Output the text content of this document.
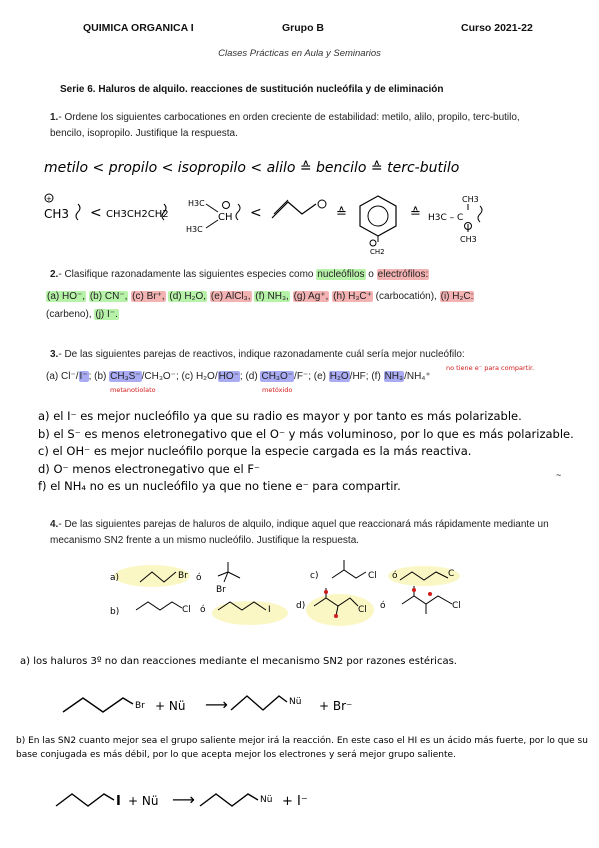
QUIMICA ORGANICA I	Grupo B	Curso 2021-22
Clases Prácticas en Aula y Seminarios
Serie 6. Haluros de alquilo. reacciones de sustitución nucleófila y de eliminación
1.- Ordene los siguientes carbocationes en orden creciente de estabilidad: metilo, alilo, propilo, terc-butilo, bencilo, isopropilo. Justifique la respuesta.
metilo < propilo < isopropilo < alilo ≙ bencilo ≙ terc-butilo
+
CH3 < CH3CH2CH2
H3C
H3C
CH <	≙
CH2
≙
CH3
H3C – C
CH3
2.- Clasifique razonadamente las siguientes especies como nucleófilos o electrófilos:
(a) HO⁻, (b) CN⁻, (c) Br⁺, (d) H₂O, (e) AlCl₃, (f) NH₃, (g) Ag⁺, (h) H₃C⁺ (carbocatión), (i) H₂C:
(carbeno), (j) I⁻.
3.- De las siguientes parejas de reactivos, indique razonadamente cuál sería mejor nucleófilo:
(a) Cl⁻/I⁻; (b) CH₃S⁻/CH₃O⁻; (c) H₂O/HO⁻; (d) CH₃O⁻/F⁻; (e) H₂O/HF; (f) NH₃/NH₄⁺
metanotiolato	metóxido
no tiene e⁻ para compartir.
a) el I⁻ es mejor nucleófilo ya que su radio es mayor y por tanto es más polarizable.
b) el S⁻ es menos eletronegativo que el O⁻ y más voluminoso, por lo que es más polarizable.
c) el OH⁻ es mejor nucleófilo porque la especie cargada es la más reactiva.
d) O⁻ menos electronegativo que el F⁻
f) el NH₄ no es un nucleófilo ya que no tiene e⁻ para compartir.
~
4.- De las siguientes parejas de haluros de alquilo, indique aquel que reaccionará más rápidamente mediante un mecanismo SN2 frente a un mismo nucleófilo. Justifique la respuesta.
a)	Br ó
Br
c)	Cl ó	C
b)	Cl ó	I	d)	Cl ó	Cl
a) los haluros 3º no dan reacciones mediante el mecanismo SN2 por razones estéricas.
Br + Nü ⟶	Nü + Br⁻
b) En las SN2 cuanto mejor sea el grupo saliente mejor irá la reacción. En este caso el HI es un ácido más fuerte, por lo que su base conjugada es más débil, por lo que acepta mejor los electrones y será mejor grupo saliente.
I + Nü ⟶	Nü + I⁻
